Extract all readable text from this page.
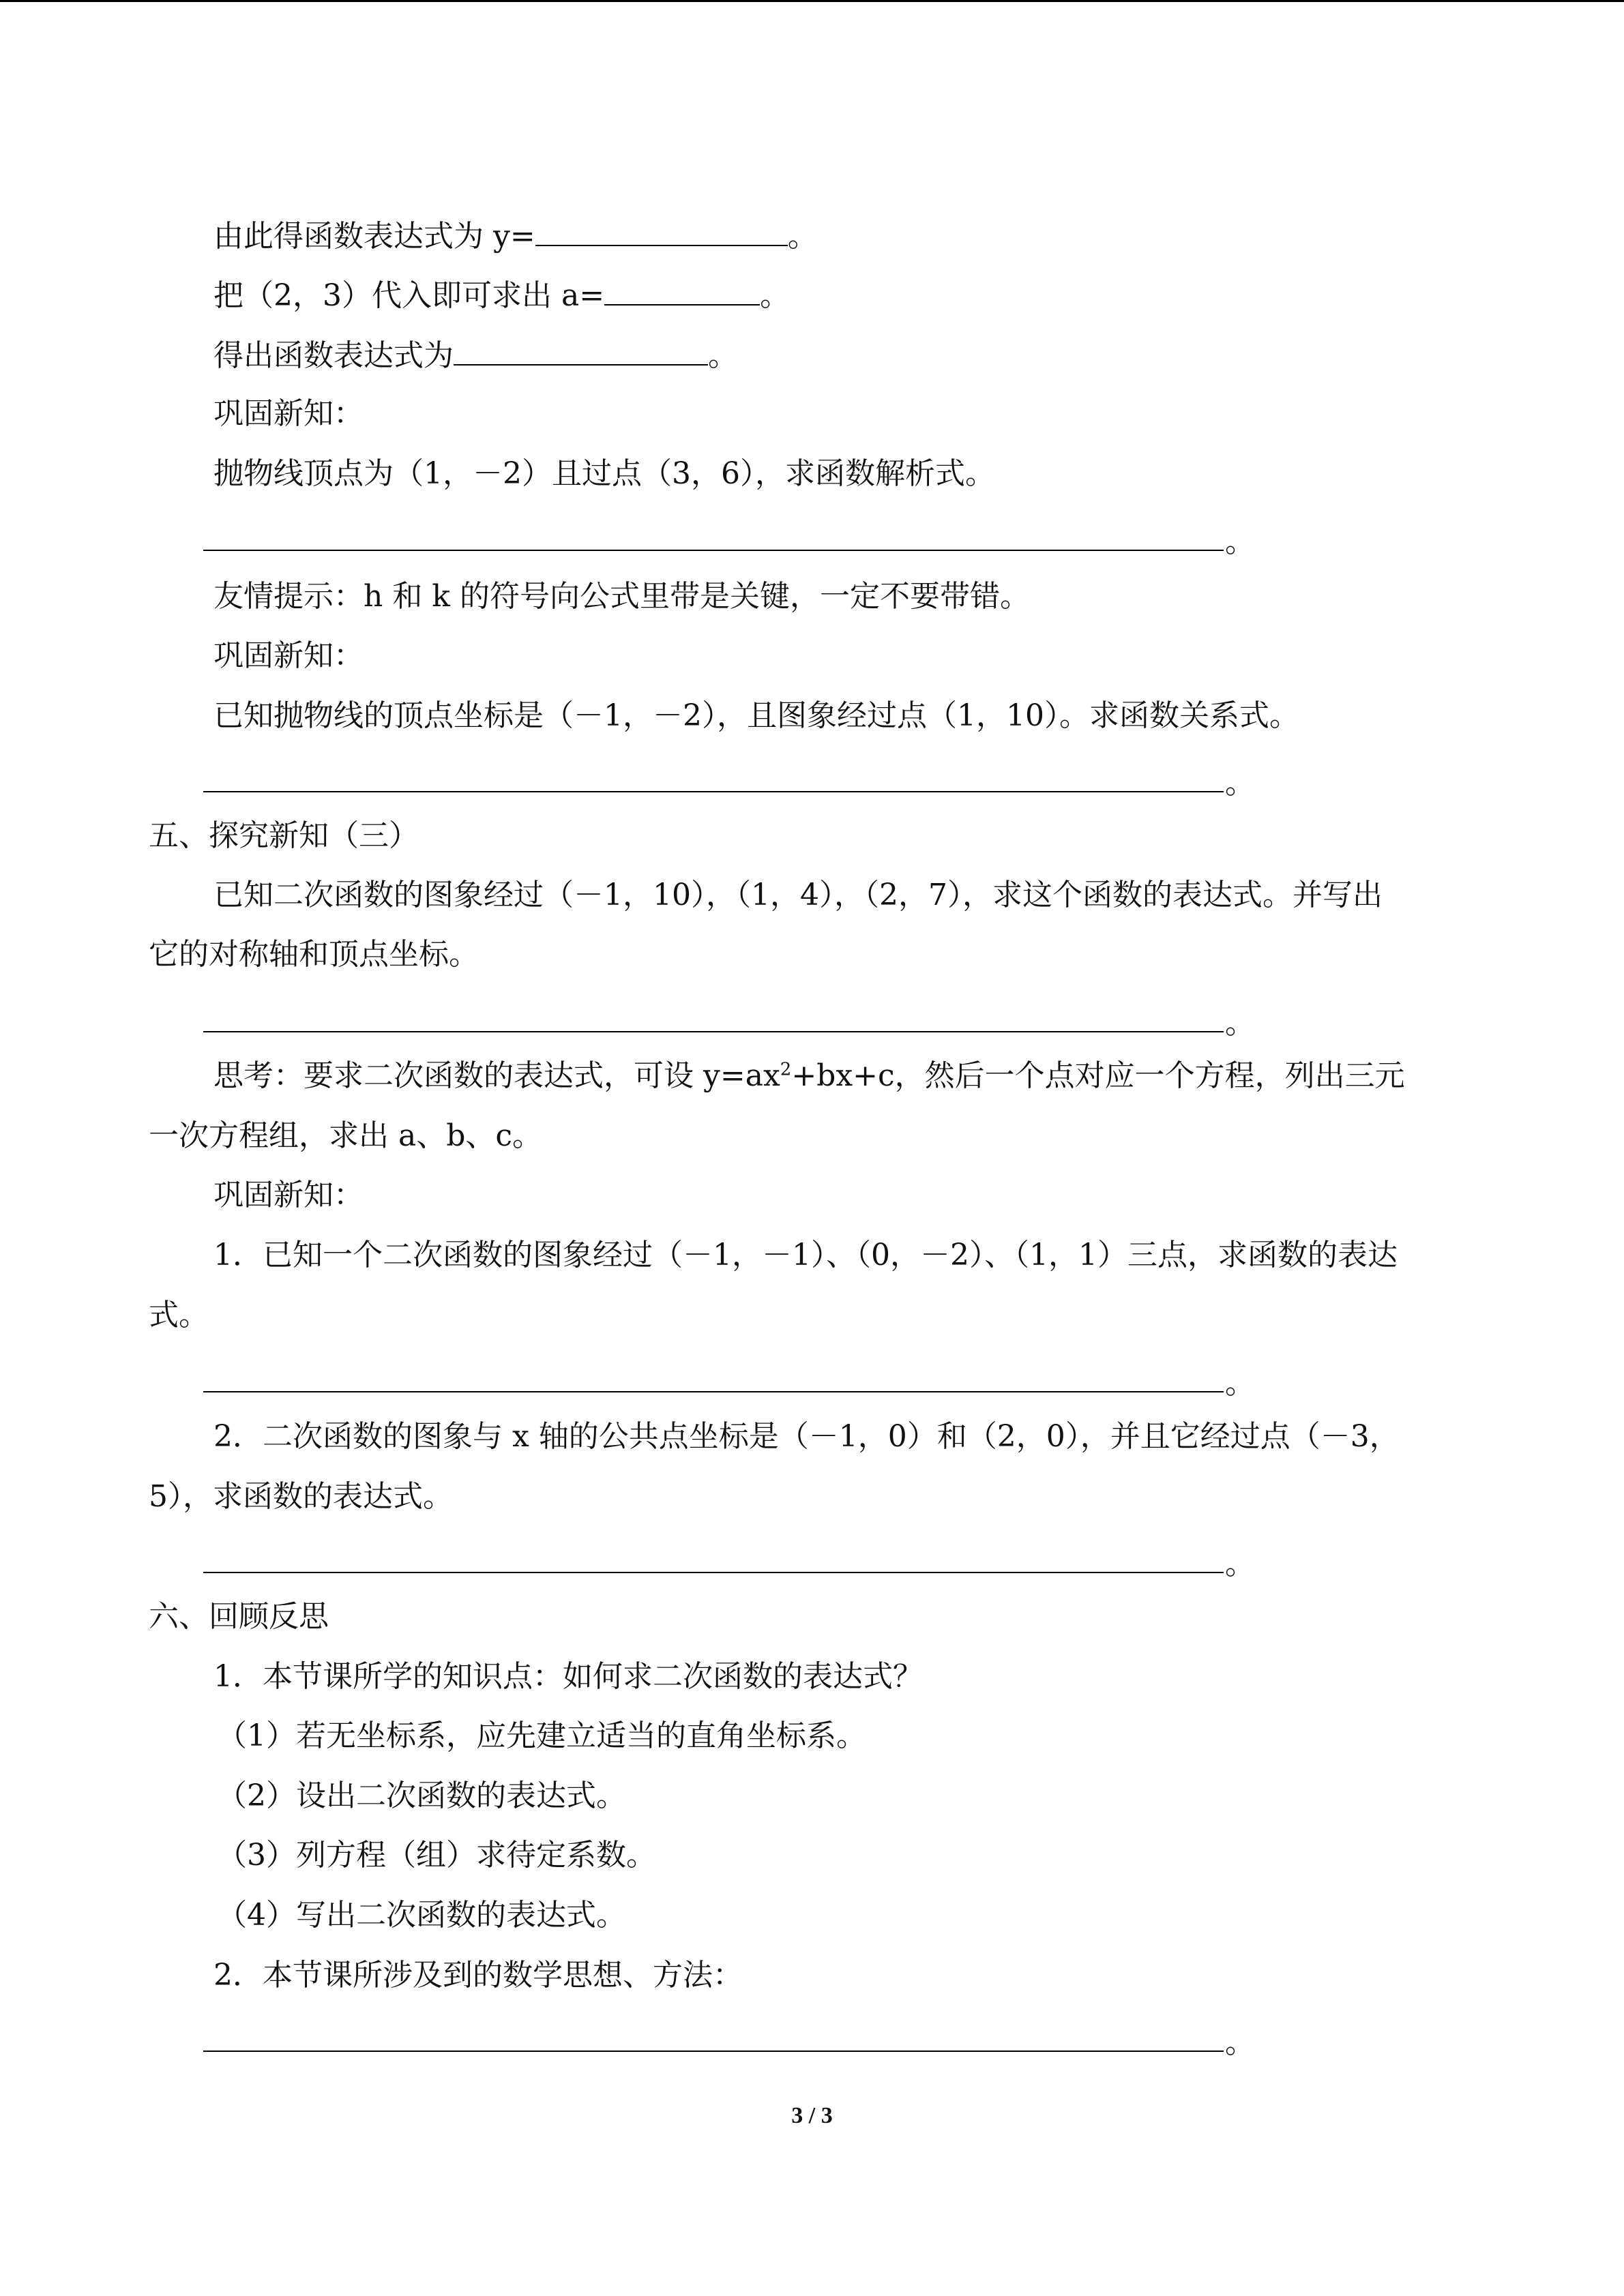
由此得函数表达式为 y=	。
把（2，3）代入即可求出 a=	。
得出函数表达式为	。
巩固新知：
抛物线顶点为（1，－2）且过点（3，6），求函数解析式。
。
友情提示：h 和 k 的符号向公式里带是关键，一定不要带错。
巩固新知：
已知抛物线的顶点坐标是（－1，－2），且图象经过点（1，10）。求函数关系式。
。
五、探究新知（三）
已知二次函数的图象经过（－1，10），（1，4），（2，7），求这个函数的表达式。并写出
它的对称轴和顶点坐标。
。
思考：要求二次函数的表达式，可设 $y=ax^2+bx+c$，然后一个点对应一个方程，列出三元
一次方程组，求出 a、b、c。
巩固新知：
1．已知一个二次函数的图象经过（－1，－1）、（0，－2）、（1，1）三点，求函数的表达
式。
。
2．二次函数的图象与 x 轴的公共点坐标是（－1，0）和（2，0），并且它经过点（－3，
5），求函数的表达式。
。
六、回顾反思
1．本节课所学的知识点：如何求二次函数的表达式？
（1）若无坐标系，应先建立适当的直角坐标系。
（2）设出二次函数的表达式。
（3）列方程（组）求待定系数。
（4）写出二次函数的表达式。
2．本节课所涉及到的数学思想、方法：
。
3 / 3
